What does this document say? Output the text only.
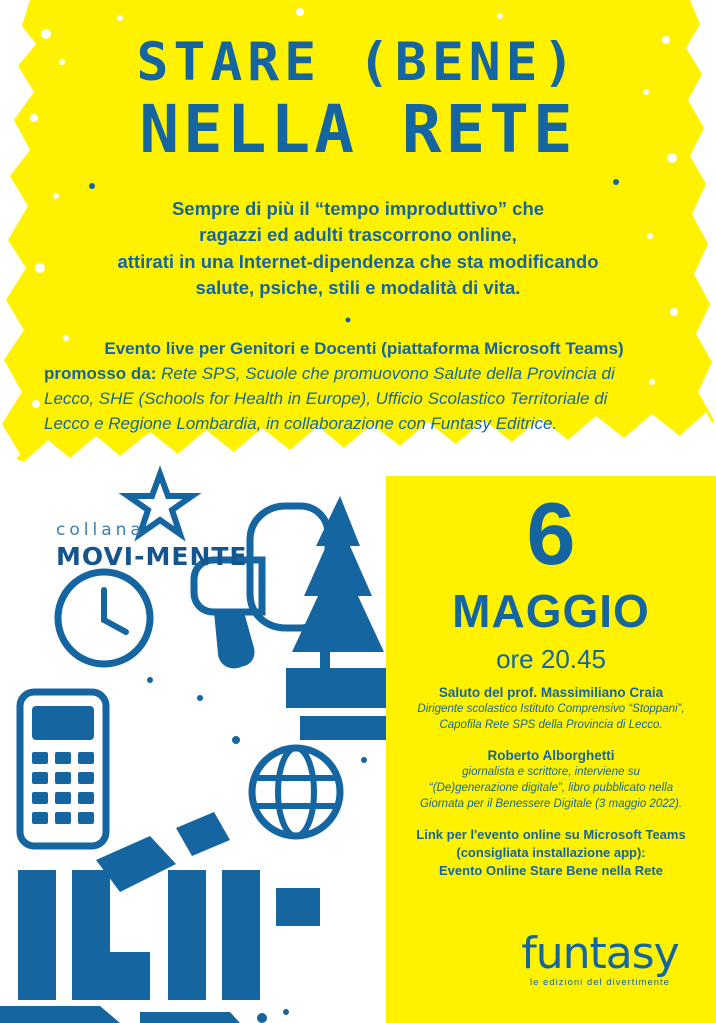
STARE (BENE)
NELLA RETE
Sempre di più il “tempo improduttivo” che
ragazzi ed adulti trascorrono online,
attirati in una Internet-dipendenza che sta modificando
salute, psiche, stili e modalità di vita.
Evento live per Genitori e Docenti (piattaforma Microsoft Teams)
promosso da: Rete SPS, Scuole che promuovono Salute della Provincia di
Lecco, SHE (Schools for Health in Europe), Ufficio Scolastico Territoriale di
Lecco e Regione Lombardia, in collaborazione con Funtasy Editrice.
collana
MOVI-MENTE	6
MAGGIO
ore 20.45
Saluto del prof. Massimiliano Craia
Dirigente scolastico Istituto Comprensivo “Stoppani”,
Capofila Rete SPS della Provincia di Lecco.
Roberto Alborghetti
giornalista e scrittore, interviene su
“(De)generazione digitale”, libro pubblicato nella
Giornata per il Benessere Digitale (3 maggio 2022).
Link per l'evento online su Microsoft Teams
(consigliata installazione app):
Evento Online Stare Bene nella Rete
funtasy
le edizioni del divertimente
